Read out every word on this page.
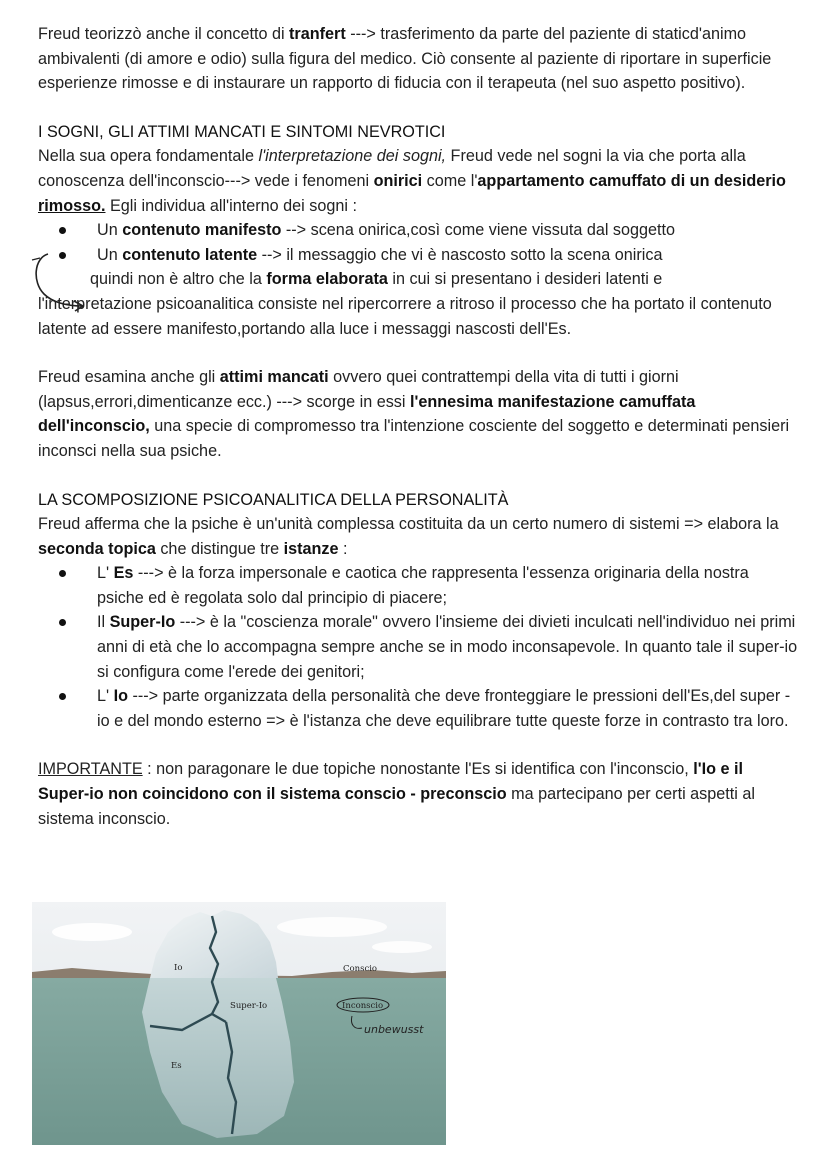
Freud teorizzò anche il concetto di tranfert ---> trasferimento da parte del paziente di staticd'animo ambivalenti (di amore e odio) sulla figura del medico. Ciò consente al paziente di riportare in superficie esperienze rimosse e di instaurare un rapporto di fiducia con il terapeuta (nel suo aspetto positivo).

I SOGNI, GLI ATTIMI MANCATI E SINTOMI NEVROTICI

Nella sua opera fondamentale l'interpretazione dei sogni, Freud vede nel sogni la via che porta alla conoscenza dell'inconscio---> vede i fenomeni onirici come l'appartamento camuffato di un desiderio rimosso. Egli individua all'interno dei sogni :

Un contenuto manifesto --> scena onirica,così come viene vissuta dal soggetto
Un contenuto latente --> il messaggio che vi è nascosto sotto la scena onirica

quindi non è altro che la forma elaborata in cui si presentano i desideri latenti e

l'interpretazione psicoanalitica consiste nel ripercorrere a ritroso il processo che ha portato il contenuto latente ad essere manifesto,portando alla luce i messaggi nascosti dell'Es.

Freud esamina anche gli attimi mancati ovvero quei contrattempi della vita di tutti i giorni (lapsus,errori,dimenticanze ecc.) ---> scorge in essi l'ennesima manifestazione camuffata dell'inconscio, una specie di compromesso tra l'intenzione cosciente del soggetto e determinati pensieri inconsci nella sua psiche.

LA SCOMPOSIZIONE PSICOANALITICA DELLA PERSONALITÀ

Freud afferma che la psiche è un'unità complessa costituita da un certo numero di sistemi => elabora la seconda topica che distingue tre istanze :

L' Es ---> è la forza impersonale e caotica che rappresenta l'essenza originaria della nostra psiche ed è regolata solo dal principio di piacere;
Il Super-Io ---> è la "coscienza morale" ovvero l'insieme dei divieti inculcati nell'individuo nei primi anni di età che lo accompagna sempre anche se in modo inconsapevole. In quanto tale il super-io si configura come l'erede dei genitori;
L' Io ---> parte organizzata della personalità che deve fronteggiare le pressioni dell'Es,del super - io e del mondo esterno => è l'istanza che deve equilibrare tutte queste forze in contrasto tra loro.

IMPORTANTE : non paragonare le due topiche nonostante l'Es si identifica con l'inconscio, l'Io e il Super-io non coincidono con il sistema conscio - preconscio ma partecipano per certi aspetti al sistema inconscio.

Io
Super-Io
Es
Conscio
Inconscio
unbewusst
